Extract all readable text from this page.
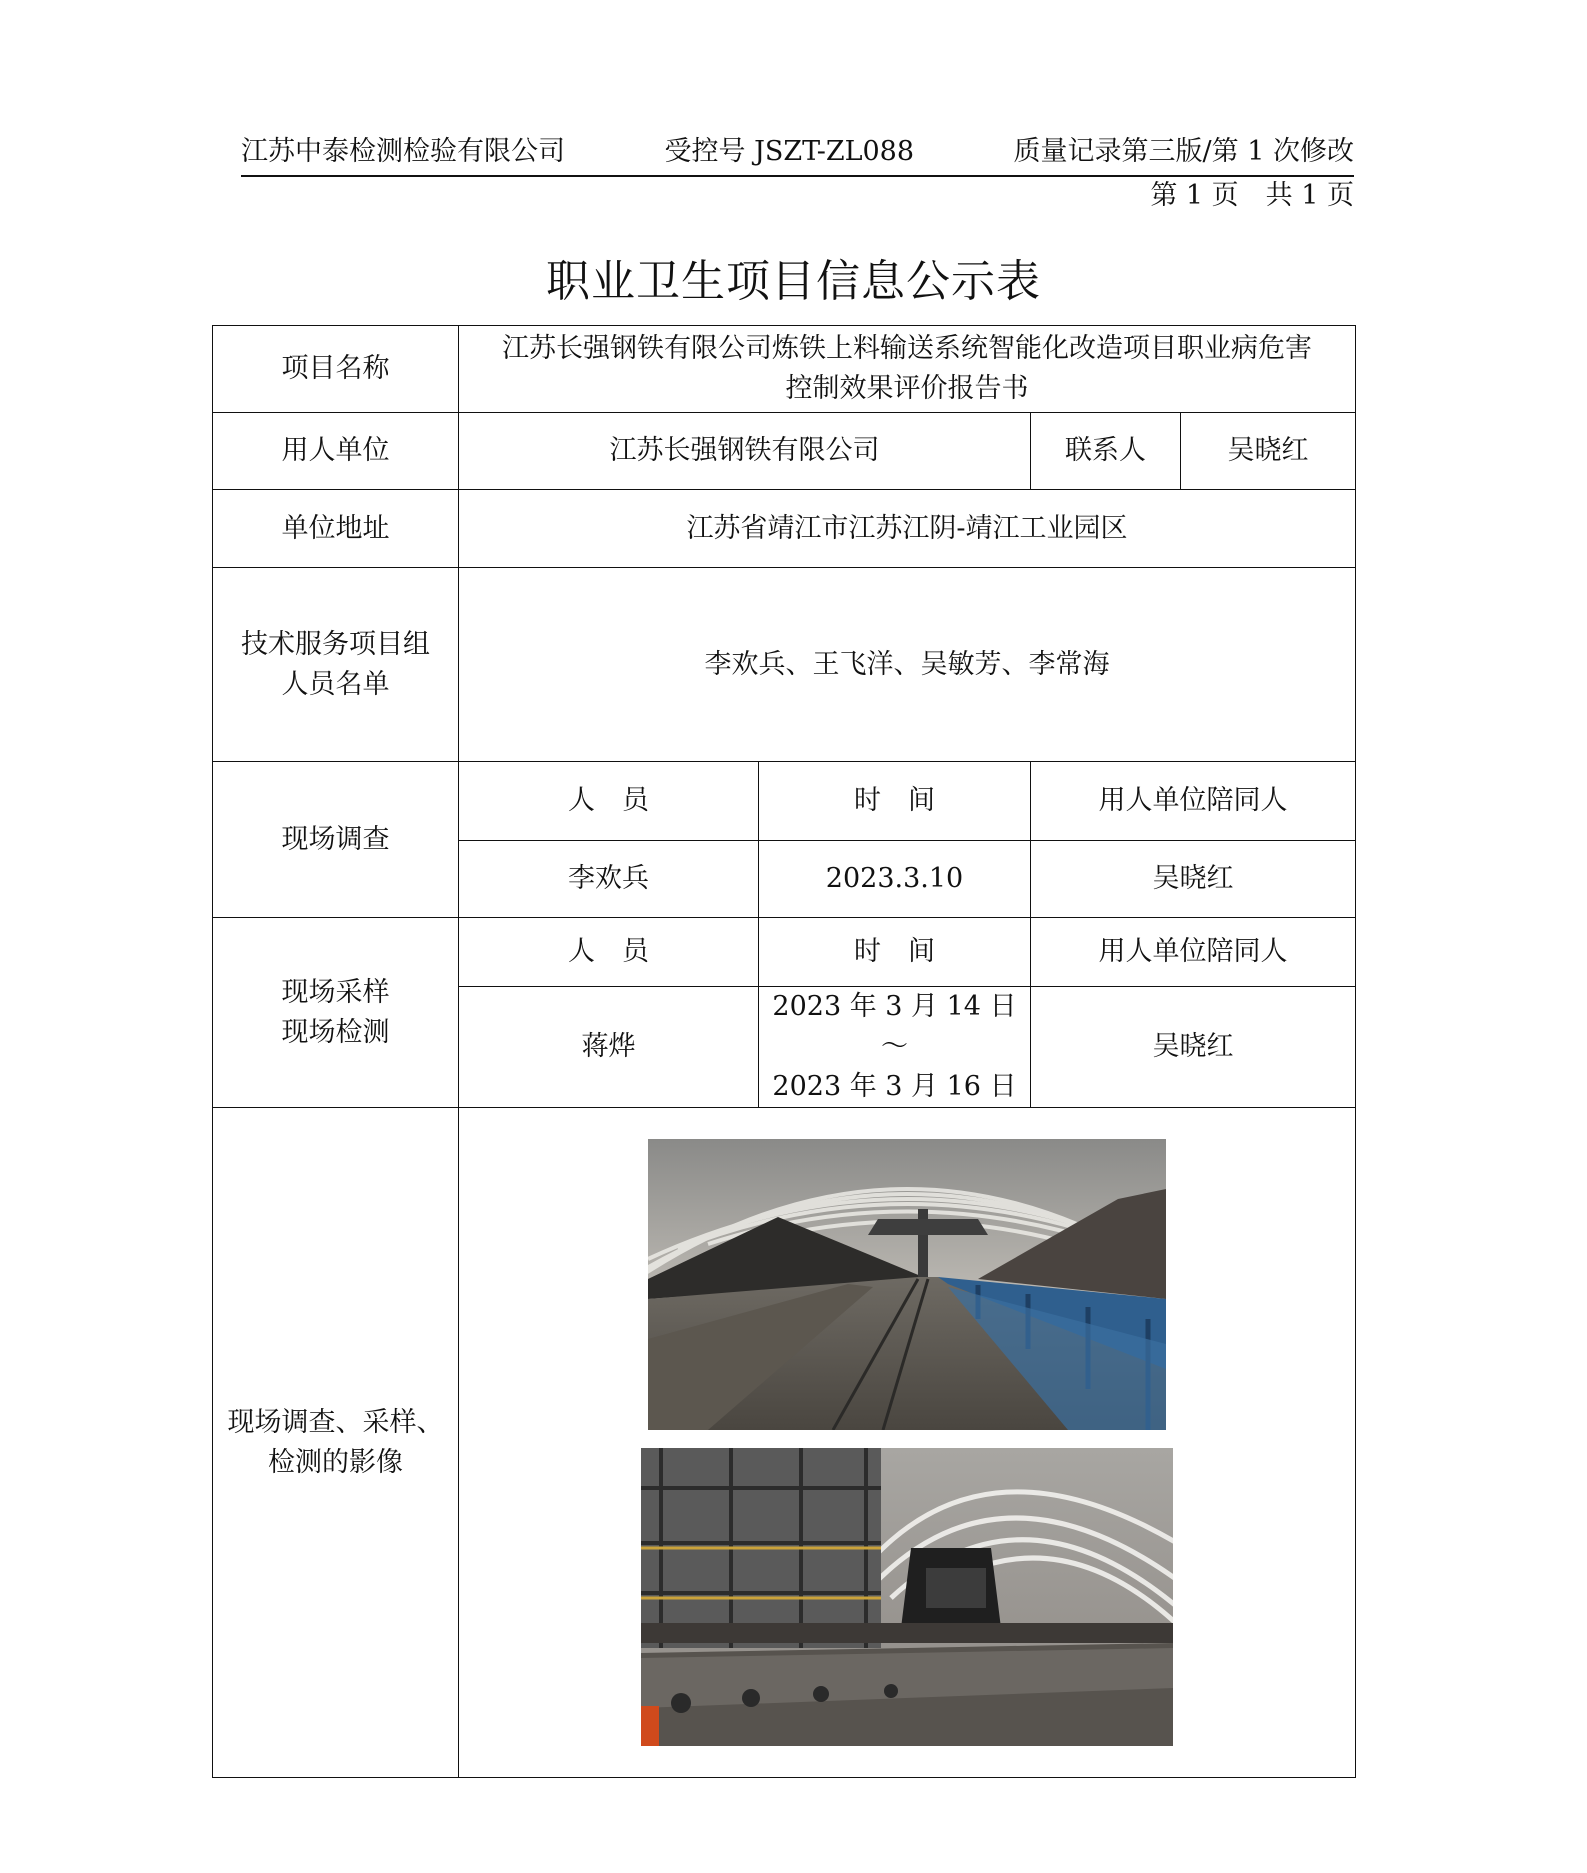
江苏中泰检测检验有限公司	受控号 JSZT-ZL088	质量记录第三版/第 1 次修改
第 1 页　共 1 页
职业卫生项目信息公示表
项目名称	江苏长强钢铁有限公司炼铁上料输送系统智能化改造项目职业病危害
控制效果评价报告书			

用人单位	江苏长强钢铁有限公司		联系人	吴晓红
单位地址	江苏省靖江市江苏江阴-靖江工业园区			

技术服务项目组
人员名单	李欢兵、王飞洋、吴敏芳、李常海			
现场调查	人　员	时　间	用人单位陪同人	
	李欢兵	2023.3.10	吴晓红	

现场采样
现场检测	人　员	时　间	用人单位陪同人	
	蒋烨	2023 年 3 月 14 日～
2023 年 3 月 16 日	吴晓红	

现场调查、采样、
检测的影像
